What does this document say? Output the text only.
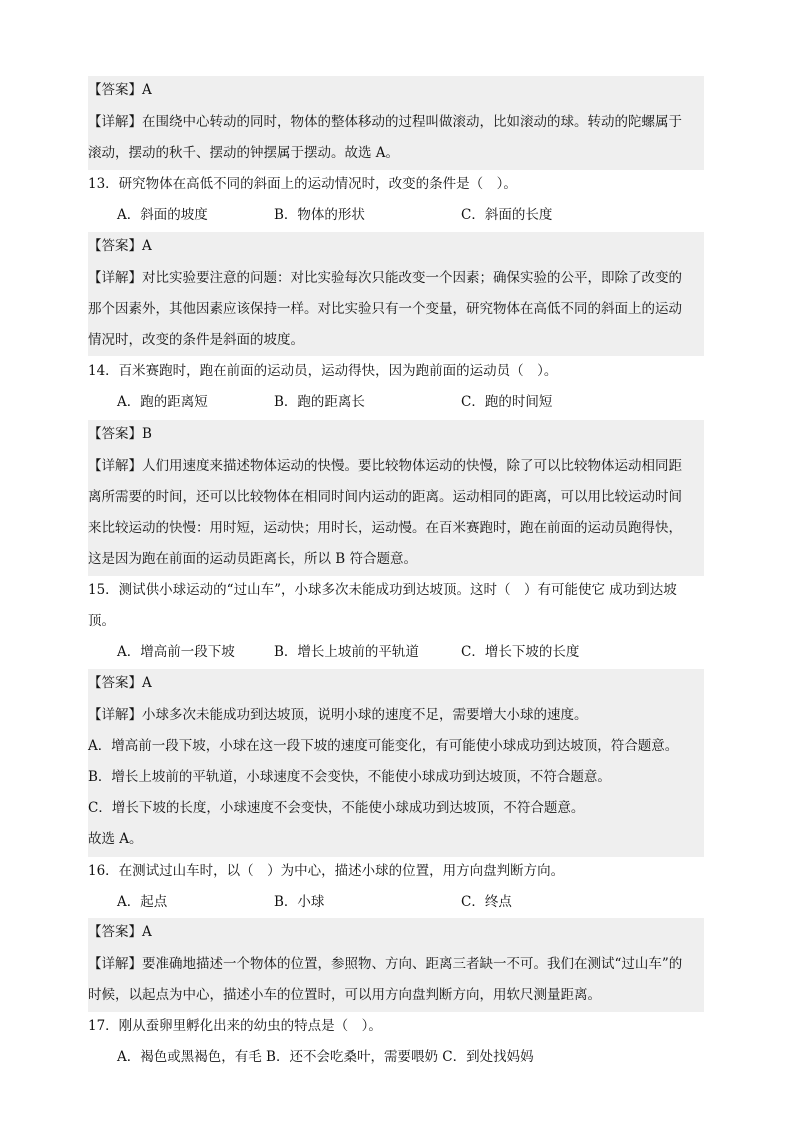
【答案】A
【详解】在围绕中心转动的同时，物体的整体移动的过程叫做滚动，比如滚动的球。转动的陀螺属于
滚动，摆动的秋千、摆动的钟摆属于摆动。故选 A。
13．研究物体在高低不同的斜面上的运动情况时，改变的条件是（　）。
A．斜面的坡度	B．物体的形状	C．斜面的长度
【答案】A
【详解】对比实验要注意的问题：对比实验每次只能改变一个因素；确保实验的公平，即除了改变的
那个因素外，其他因素应该保持一样。对比实验只有一个变量，研究物体在高低不同的斜面上的运动
情况时，改变的条件是斜面的坡度。
14．百米赛跑时，跑在前面的运动员，运动得快，因为跑前面的运动员（　）。
A．跑的距离短	B．跑的距离长	C．跑的时间短
【答案】B
【详解】人们用速度来描述物体运动的快慢。要比较物体运动的快慢，除了可以比较物体运动相同距
离所需要的时间，还可以比较物体在相同时间内运动的距离。运动相同的距离，可以用比较运动时间
来比较运动的快慢：用时短，运动快；用时长，运动慢。在百米赛跑时，跑在前面的运动员跑得快，
这是因为跑在前面的运动员距离长，所以 B 符合题意。
15．测试供小球运动的“过山车”，小球多次未能成功到达坡顶。这时（　）有可能使它 成功到达坡
顶。
A．增高前一段下坡	B．增长上坡前的平轨道	C．增长下坡的长度
【答案】A
【详解】小球多次未能成功到达坡顶，说明小球的速度不足，需要增大小球的速度。
A．增高前一段下坡，小球在这一段下坡的速度可能变化，有可能使小球成功到达坡顶，符合题意。
B．增长上坡前的平轨道，小球速度不会变快，不能使小球成功到达坡顶，不符合题意。
C．增长下坡的长度，小球速度不会变快，不能使小球成功到达坡顶，不符合题意。
故选 A。
16．在测试过山车时，以（　）为中心，描述小球的位置，用方向盘判断方向。
A．起点	B．小球	C．终点
【答案】A
【详解】要准确地描述一个物体的位置，参照物、方向、距离三者缺一不可。我们在测试“过山车”的
时候，以起点为中心，描述小车的位置时，可以用方向盘判断方向，用软尺测量距离。
17．刚从蚕卵里孵化出来的幼虫的特点是（　）。
A．褐色或黑褐色，有毛 B．还不会吃桑叶，需要喂奶 C．到处找妈妈
